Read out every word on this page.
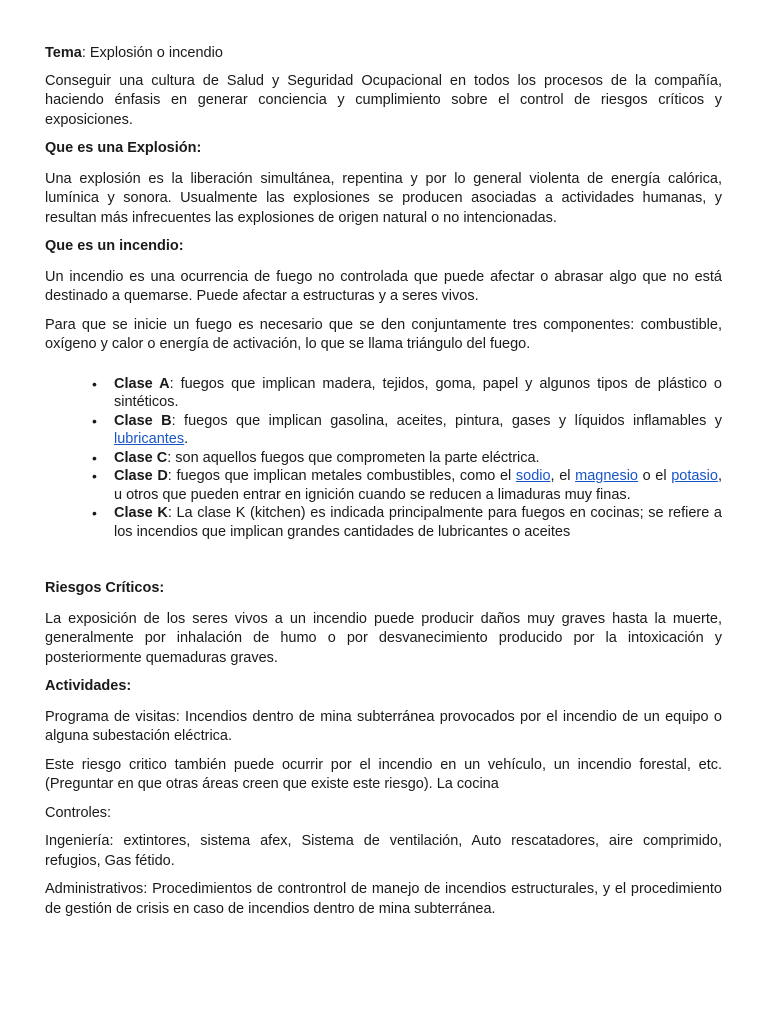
Tema: Explosión o incendio

Conseguir una cultura de Salud y Seguridad Ocupacional en todos los procesos de la compañía, haciendo énfasis en generar conciencia y cumplimiento sobre el control de riesgos críticos y exposiciones.

Que es una Explosión:

Una explosión es la liberación simultánea, repentina y por lo general violenta de energía calórica, lumínica y sonora. Usualmente las explosiones se producen asociadas a actividades humanas, y resultan más infrecuentes las explosiones de origen natural o no intencionadas.

Que es un incendio:

Un incendio es una ocurrencia de fuego no controlada que puede afectar o abrasar algo que no está destinado a quemarse. Puede afectar a estructuras y a seres vivos.

Para que se inicie un fuego es necesario que se den conjuntamente tres componentes: combustible, oxígeno y calor o energía de activación, lo que se llama triángulo del fuego.

• Clase A: fuegos que implican madera, tejidos, goma, papel y algunos tipos de plástico o sintéticos.
• Clase B: fuegos que implican gasolina, aceites, pintura, gases y líquidos inflamables y lubricantes.
• Clase C: son aquellos fuegos que comprometen la parte eléctrica.
• Clase D: fuegos que implican metales combustibles, como el sodio, el magnesio o el potasio, u otros que pueden entrar en ignición cuando se reducen a limaduras muy finas.
• Clase K: La clase K (kitchen) es indicada principalmente para fuegos en cocinas; se refiere a los incendios que implican grandes cantidades de lubricantes o aceites

Riesgos Críticos:

La exposición de los seres vivos a un incendio puede producir daños muy graves hasta la muerte, generalmente por inhalación de humo o por desvanecimiento producido por la intoxicación y posteriormente quemaduras graves.

Actividades:

Programa de visitas: Incendios dentro de mina subterránea provocados por el incendio de un equipo o alguna subestación eléctrica.

Este riesgo critico también puede ocurrir por el incendio en un vehículo, un incendio forestal, etc. (Preguntar en que otras áreas creen que existe este riesgo). La cocina

Controles:

Ingeniería: extintores, sistema afex, Sistema de ventilación, Auto rescatadores, aire comprimido, refugios, Gas fétido.

Administrativos: Procedimientos de controntrol de manejo de incendios estructurales, y el procedimiento de gestión de crisis en caso de incendios dentro de mina subterránea.
